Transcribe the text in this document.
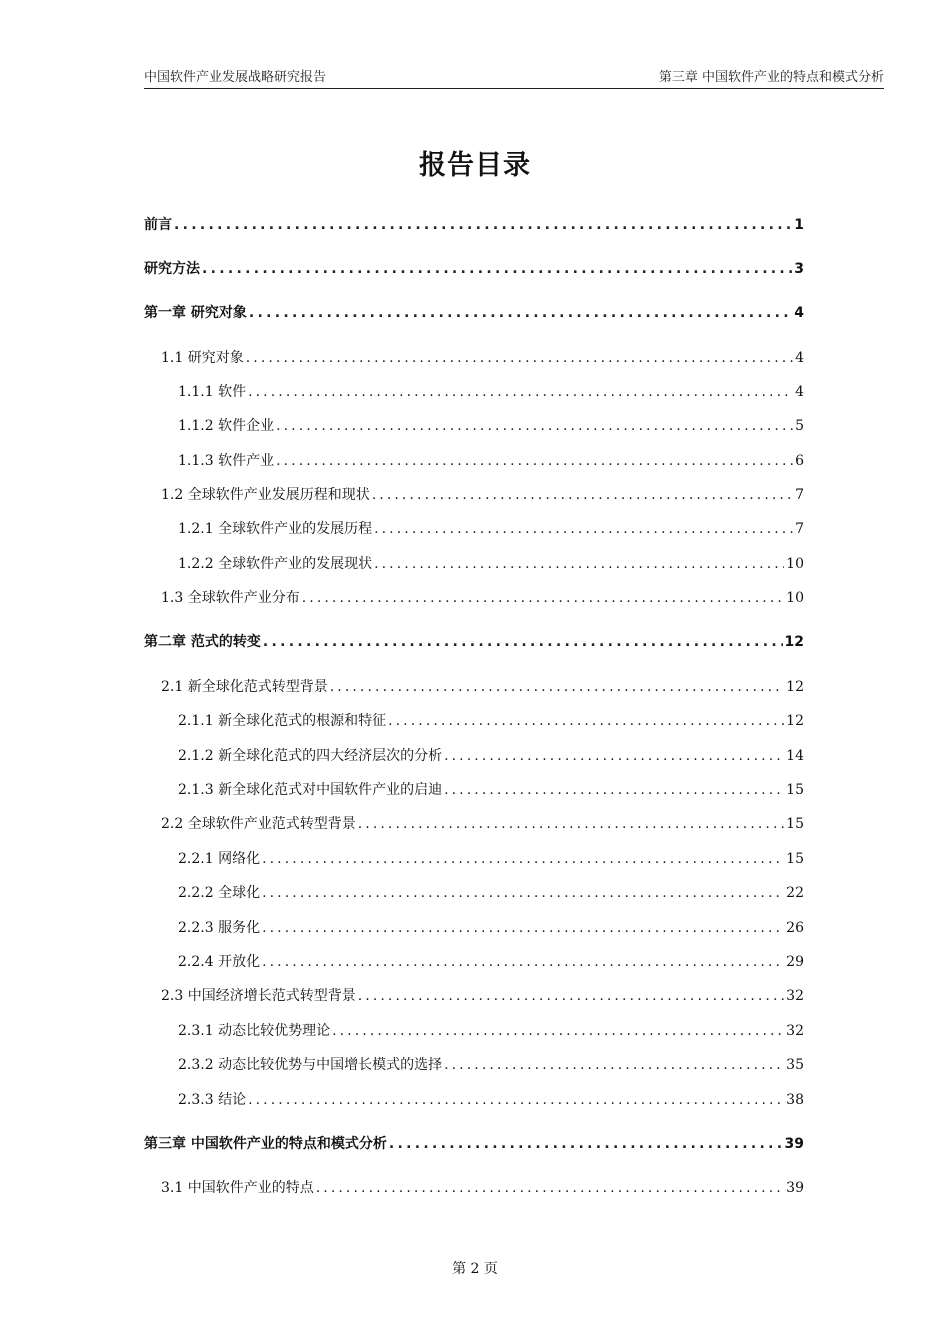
中国软件产业发展战略研究报告	第三章 中国软件产业的特点和模式分析
报告目录
前言 .....	1
研究方法 .....	3
第一章 研究对象 .....	4
1.1 研究对象 .....	4
1.1.1 软件 .....	4
1.1.2 软件企业 .....	5
1.1.3 软件产业 .....	6
1.2 全球软件产业发展历程和现状 .....	7
1.2.1 全球软件产业的发展历程 .....	7
1.2.2 全球软件产业的发展现状 .....	10
1.3 全球软件产业分布 .....	10
第二章 范式的转变 .....	12
2.1 新全球化范式转型背景 .....	12
2.1.1 新全球化范式的根源和特征 .....	12
2.1.2 新全球化范式的四大经济层次的分析 .....	14
2.1.3 新全球化范式对中国软件产业的启迪 .....	15
2.2 全球软件产业范式转型背景 .....	15
2.2.1 网络化 .....	15
2.2.2 全球化 .....	22
2.2.3 服务化 .....	26
2.2.4 开放化 .....	29
2.3 中国经济增长范式转型背景 .....	32
2.3.1 动态比较优势理论 .....	32
2.3.2 动态比较优势与中国增长模式的选择 .....	35
2.3.3 结论 .....	38
第三章 中国软件产业的特点和模式分析 .....	39
3.1 中国软件产业的特点 .....	39
第 2 页
